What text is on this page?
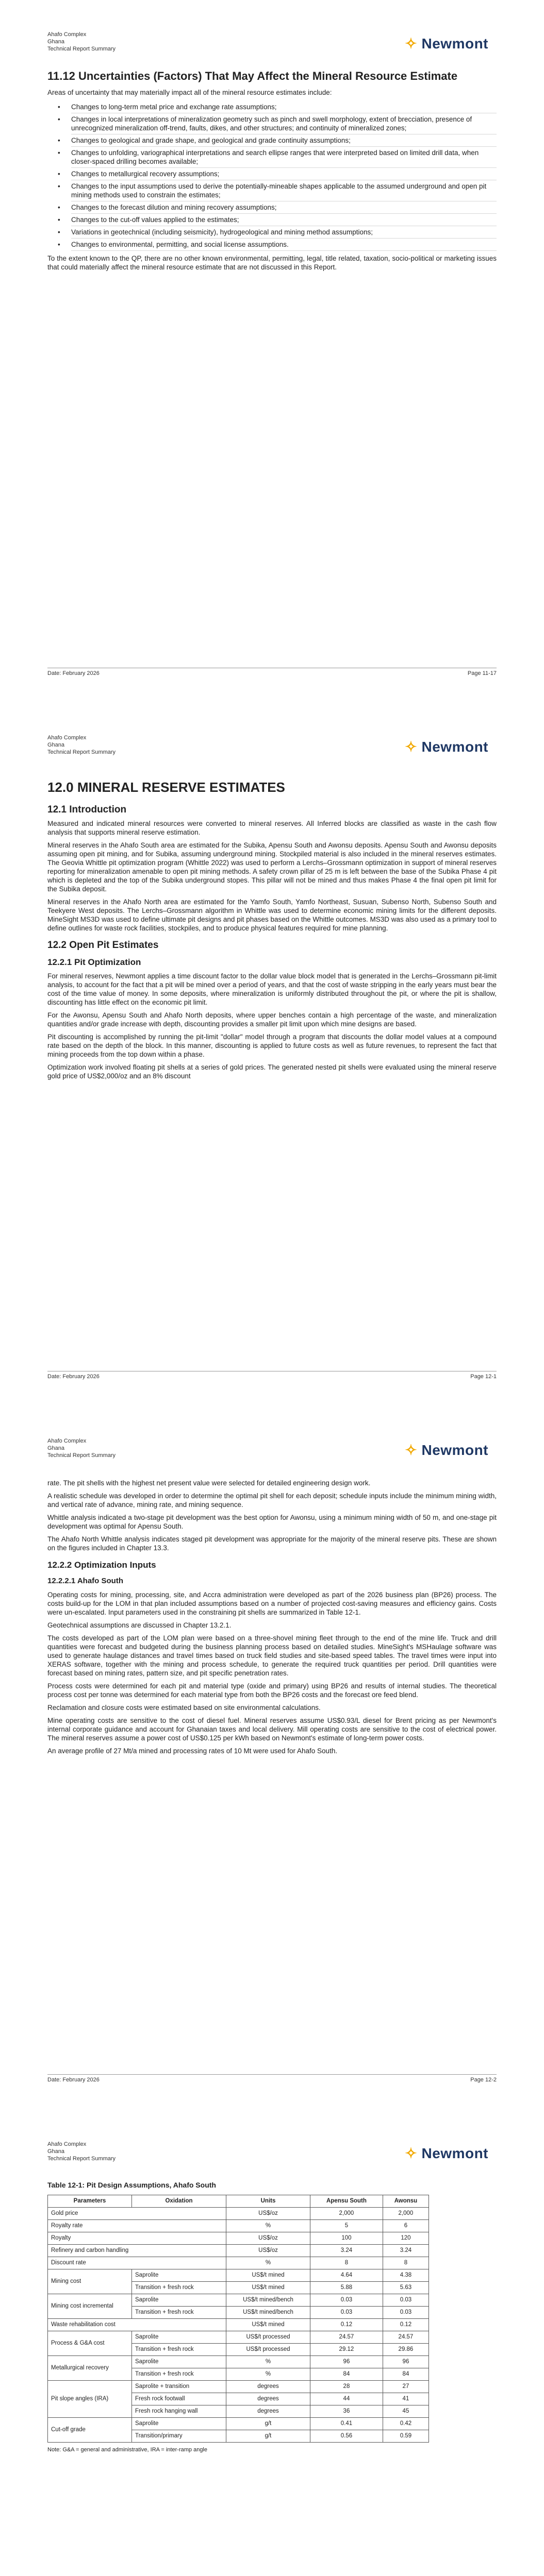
Ahafo Complex
Ghana
Technical Report Summary	✧ Newmont
11.12 Uncertainties (Factors) That May Affect the Mineral Resource Estimate

Areas of uncertainty that may materially impact all of the mineral resource estimates include:

• Changes to long-term metal price and exchange rate assumptions;
• Changes in local interpretations of mineralization geometry such as pinch and swell morphology, extent of brecciation, presence of unrecognized mineralization off-trend, faults, dikes, and other structures; and continuity of mineralized zones;
• Changes to geological and grade shape, and geological and grade continuity assumptions;
• Changes to unfolding, variographical interpretations and search ellipse ranges that were interpreted based on limited drill data, when closer-spaced drilling becomes available;
• Changes to metallurgical recovery assumptions;
• Changes to the input assumptions used to derive the potentially-mineable shapes applicable to the assumed underground and open pit mining methods used to constrain the estimates;
• Changes to the forecast dilution and mining recovery assumptions;
• Changes to the cut-off values applied to the estimates;
• Variations in geotechnical (including seismicity), hydrogeological and mining method assumptions;
• Changes to environmental, permitting, and social license assumptions.

To the extent known to the QP, there are no other known environmental, permitting, legal, title related, taxation, socio-political or marketing issues that could materially affect the mineral resource estimate that are not discussed in this Report.

Date: February 2026	Page 11-17
Ahafo Complex
Ghana
Technical Report Summary	✧ Newmont
12.0 MINERAL RESERVE ESTIMATES
12.1 Introduction

Measured and indicated mineral resources were converted to mineral reserves. All Inferred blocks are classified as waste in the cash flow analysis that supports mineral reserve estimation.

Mineral reserves in the Ahafo South area are estimated for the Subika, Apensu South and Awonsu deposits. Apensu South and Awonsu deposits assuming open pit mining, and for Subika, assuming underground mining. Stockpiled material is also included in the mineral reserves estimates. The Geovia Whittle pit optimization program (Whittle 2022) was used to perform a Lerchs–Grossmann optimization in support of mineral reserves reporting for mineralization amenable to open pit mining methods. A safety crown pillar of 25 m is left between the base of the Subika Phase 4 pit which is depleted and the top of the Subika underground stopes. This pillar will not be mined and thus makes Phase 4 the final open pit limit for the Subika deposit.

Mineral reserves in the Ahafo North area are estimated for the Yamfo South, Yamfo Northeast, Susuan, Subenso North, Subenso South and Teekyere West deposits. The Lerchs–Grossmann algorithm in Whittle was used to determine economic mining limits for the different deposits. MineSight MS3D was used to define ultimate pit designs and pit phases based on the Whittle outcomes. MS3D was also used as a primary tool to define outlines for waste rock facilities, stockpiles, and to produce physical features required for mine planning.

12.2 Open Pit Estimates
12.2.1 Pit Optimization

For mineral reserves, Newmont applies a time discount factor to the dollar value block model that is generated in the Lerchs–Grossmann pit-limit analysis, to account for the fact that a pit will be mined over a period of years, and that the cost of waste stripping in the early years must bear the cost of the time value of money. In some deposits, where mineralization is uniformly distributed throughout the pit, or where the pit is shallow, discounting has little effect on the economic pit limit.

For the Awonsu, Apensu South and Ahafo North deposits, where upper benches contain a high percentage of the waste, and mineralization quantities and/or grade increase with depth, discounting provides a smaller pit limit upon which mine designs are based.

Pit discounting is accomplished by running the pit-limit "dollar" model through a program that discounts the dollar model values at a compound rate based on the depth of the block. In this manner, discounting is applied to future costs as well as future revenues, to represent the fact that mining proceeds from the top down within a phase.

Optimization work involved floating pit shells at a series of gold prices. The generated nested pit shells were evaluated using the mineral reserve gold price of US$2,000/oz and an 8% discount

Date: February 2026	Page 12-1
Ahafo Complex
Ghana
Technical Report Summary	✧ Newmont

rate. The pit shells with the highest net present value were selected for detailed engineering design work.

A realistic schedule was developed in order to determine the optimal pit shell for each deposit; schedule inputs include the minimum mining width, and vertical rate of advance, mining rate, and mining sequence.

Whittle analysis indicated a two-stage pit development was the best option for Awonsu, using a minimum mining width of 50 m, and one-stage pit development was optimal for Apensu South.

The Ahafo North Whittle analysis indicates staged pit development was appropriate for the majority of the mineral reserve pits. These are shown on the figures included in Chapter 13.3.

12.2.2 Optimization Inputs
12.2.2.1 Ahafo South

Operating costs for mining, processing, site, and Accra administration were developed as part of the 2026 business plan (BP26) process. The costs build-up for the LOM in that plan included assumptions based on a number of projected cost-saving measures and efficiency gains. Costs were un-escalated. Input parameters used in the constraining pit shells are summarized in Table 12-1.

Geotechnical assumptions are discussed in Chapter 13.2.1.

The costs developed as part of the LOM plan were based on a three-shovel mining fleet through to the end of the mine life. Truck and drill quantities were forecast and budgeted during the business planning process based on detailed studies. MineSight's MSHaulage software was used to generate haulage distances and travel times based on truck field studies and site-based speed tables. The travel times were input into XERAS software, together with the mining and process schedule, to generate the required truck quantities per period. Drill quantities were forecast based on mining rates, pattern size, and pit specific penetration rates.

Process costs were determined for each pit and material type (oxide and primary) using BP26 and results of internal studies. The theoretical process cost per tonne was determined for each material type from both the BP26 costs and the forecast ore feed blend.

Reclamation and closure costs were estimated based on site environmental calculations.

Mine operating costs are sensitive to the cost of diesel fuel. Mineral reserves assume US$0.93/L diesel for Brent pricing as per Newmont's internal corporate guidance and account for Ghanaian taxes and local delivery. Mill operating costs are sensitive to the cost of electrical power. The mineral reserves assume a power cost of US$0.125 per kWh based on Newmont's estimate of long-term power costs.

An average profile of 27 Mt/a mined and processing rates of 10 Mt were used for Ahafo South.

Date: February 2026	Page 12-2
Ahafo Complex
Ghana
Technical Report Summary	✧ Newmont
Table 12-1: Pit Design Assumptions, Ahafo South
Parameters	Oxidation	Units	Apensu South	Awonsu
Gold price		US$/oz	2,000	2,000
Royalty rate		%	5	6
Royalty		US$/oz	100	120
Refinery and carbon handling		US$/oz	3.24	3.24
Discount rate		%	8	8
Mining cost	Saprolite	US$/t mined	4.64	4.38
	Transition + fresh rock	US$/t mined	5.88	5.63
Mining cost incremental	Saprolite	US$/t mined/bench	0.03	0.03
	Transition + fresh rock	US$/t mined/bench	0.03	0.03
Waste rehabilitation cost		US$/t mined	0.12	0.12
Process & G&A cost	Saprolite	US$/t processed	24.57	24.57
	Transition + fresh rock	US$/t processed	29.12	29.86
Metallurgical recovery	Saprolite	%	96	96
	Transition + fresh rock	%	84	84
Pit slope angles (IRA)	Saprolite + transition	degrees	28	27
	Fresh rock footwall	degrees	44	41
	Fresh rock hanging wall	degrees	36	45
Cut-off grade	Saprolite	g/t	0.41	0.42
	Transition/primary	g/t	0.56	0.59
Note: G&A = general and administrative, IRA = inter-ramp angle
